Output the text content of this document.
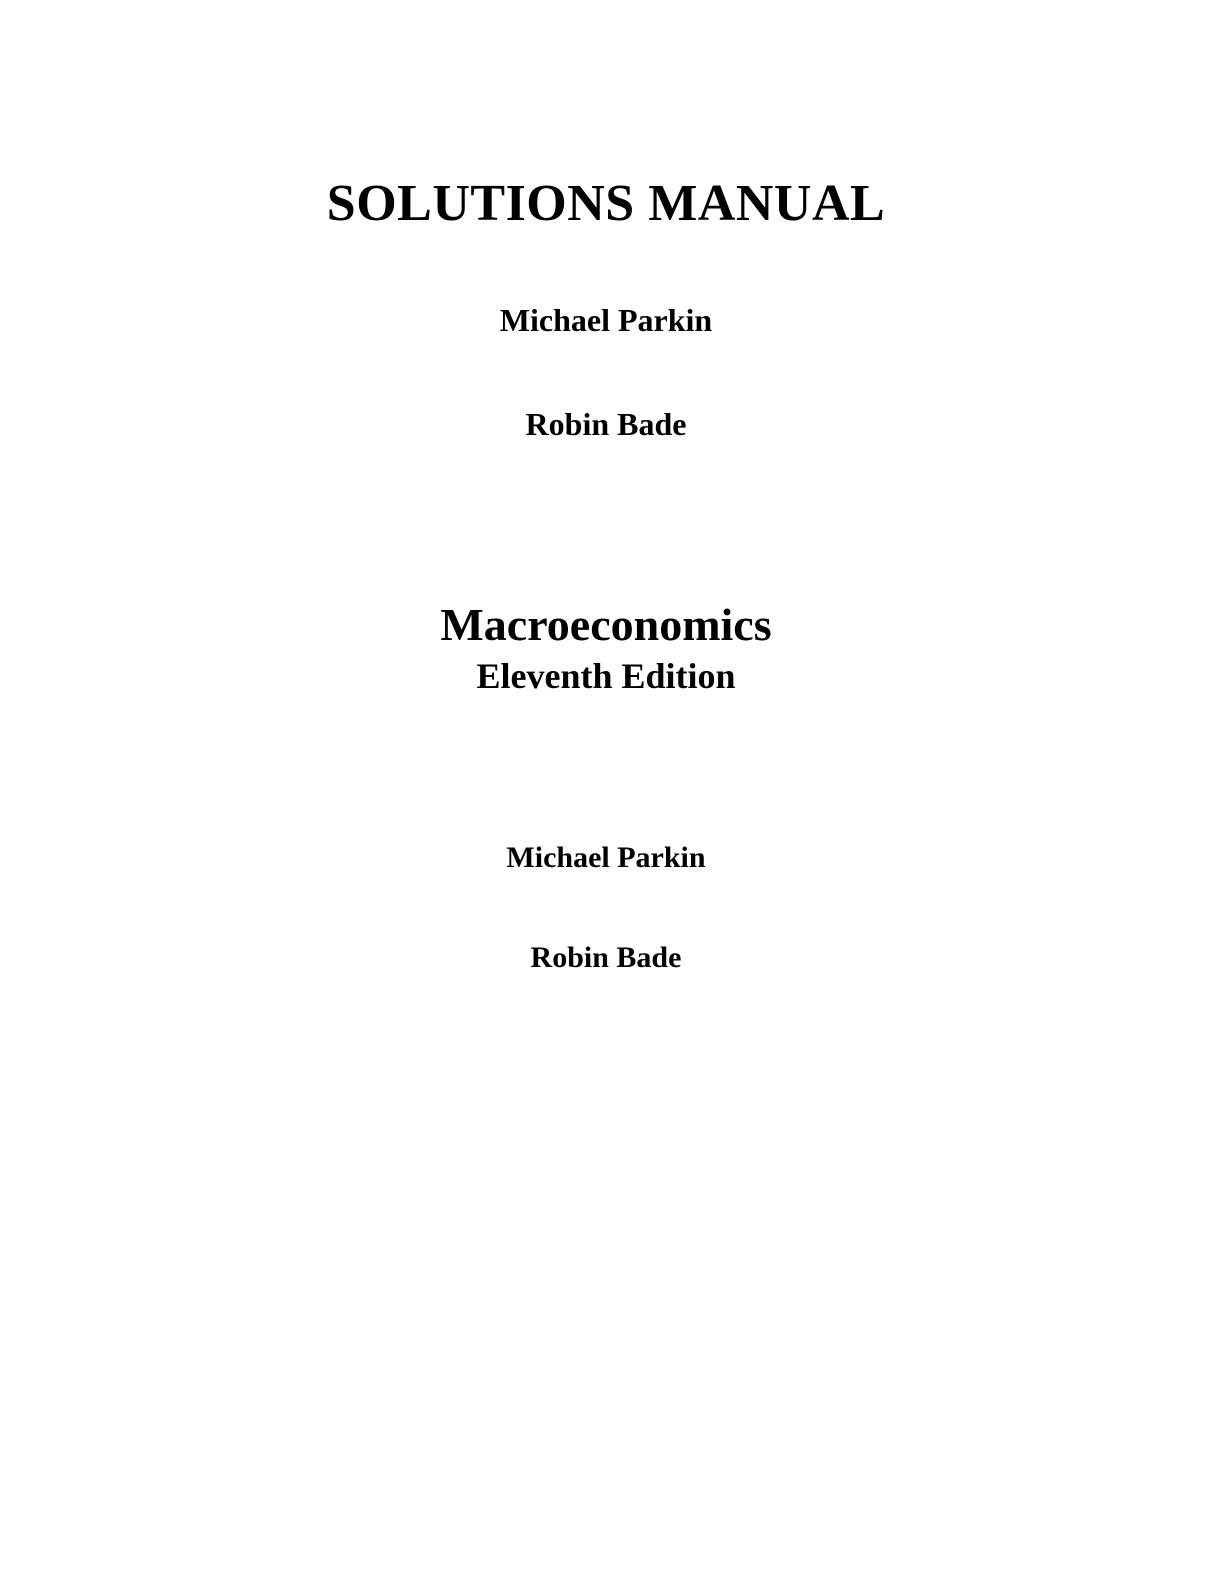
SOLUTIONS MANUAL
Michael Parkin
Robin Bade
Macroeconomics
Eleventh Edition
Michael Parkin
Robin Bade
